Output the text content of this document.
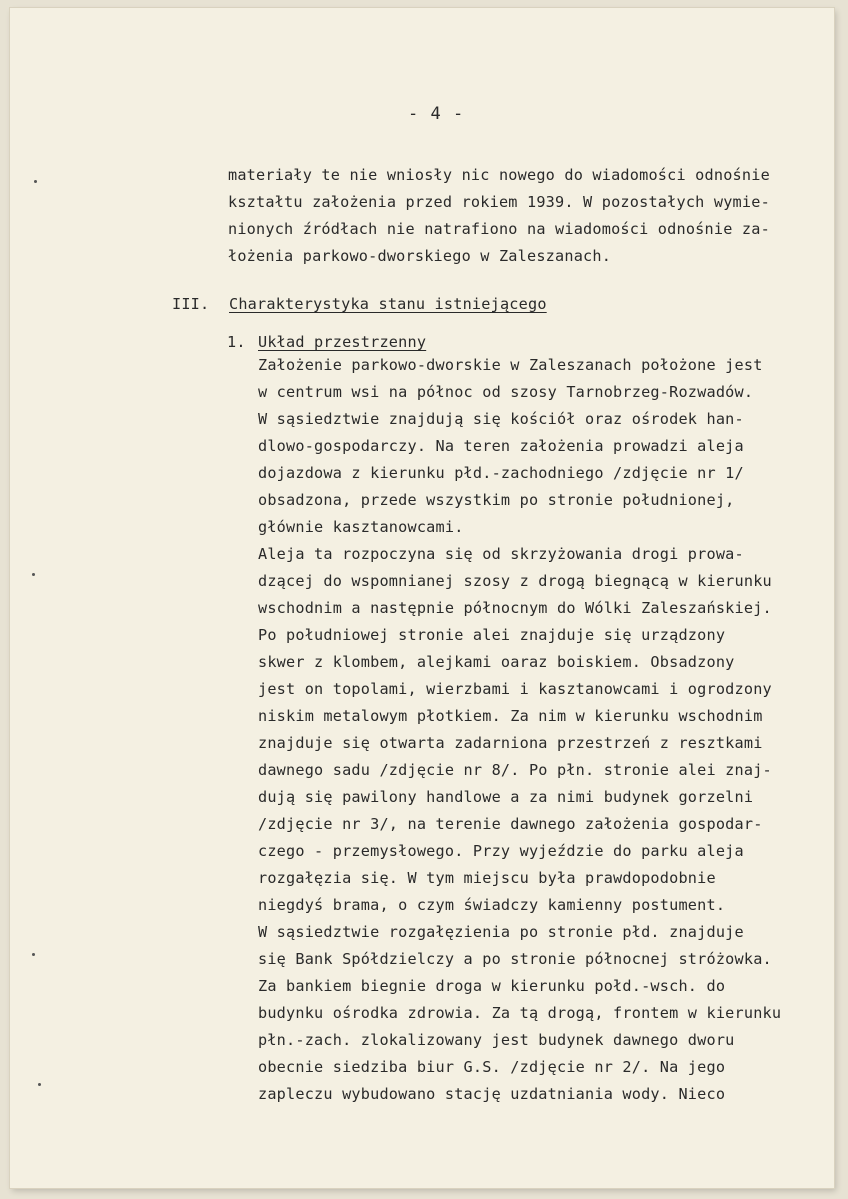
- 4 -
materiały te nie wniosły nic nowego do wiadomości odnośnie
kształtu założenia przed rokiem 1939. W pozostałych wymie-
nionych źródłach nie natrafiono na wiadomości odnośnie za-
łożenia parkowo-dworskiego w Zaleszanach.
III. Charakterystyka stanu istniejącego
1. Układ przestrzenny
Założenie parkowo-dworskie w Zaleszanach położone jest
w centrum wsi na północ od szosy Tarnobrzeg-Rozwadów.
W sąsiedztwie znajdują się kościół oraz ośrodek han-
dlowo-gospodarczy. Na teren założenia prowadzi aleja
dojazdowa z kierunku płd.-zachodniego /zdjęcie nr 1/
obsadzona, przede wszystkim po stronie południonej,
głównie kasztanowcami.
Aleja ta rozpoczyna się od skrzyżowania drogi prowa-
dzącej do wspomnianej szosy z drogą biegnącą w kierunku
wschodnim a następnie północnym do Wólki Zaleszańskiej.
Po południowej stronie alei znajduje się urządzony
skwer z klombem, alejkami oaraz boiskiem. Obsadzony
jest on topolami, wierzbami i kasztanowcami i ogrodzony
niskim metalowym płotkiem. Za nim w kierunku wschodnim
znajduje się otwarta zadarniona przestrzeń z resztkami
dawnego sadu /zdjęcie nr 8/. Po płn. stronie alei znaj-
dują się pawilony handlowe a za nimi budynek gorzelni
/zdjęcie nr 3/, na terenie dawnego założenia gospodar-
czego - przemysłowego. Przy wyjeździe do parku aleja
rozgałęzia się. W tym miejscu była prawdopodobnie
niegdyś brama, o czym świadczy kamienny postument.
W sąsiedztwie rozgałęzienia po stronie płd. znajduje
się Bank Spółdzielczy a po stronie północnej stróżowka.
Za bankiem biegnie droga w kierunku połd.-wsch. do
budynku ośrodka zdrowia. Za tą drogą, frontem w kierunku
płn.-zach. zlokalizowany jest budynek dawnego dworu
obecnie siedziba biur G.S. /zdjęcie nr 2/. Na jego
zapleczu wybudowano stację uzdatniania wody. Nieco
